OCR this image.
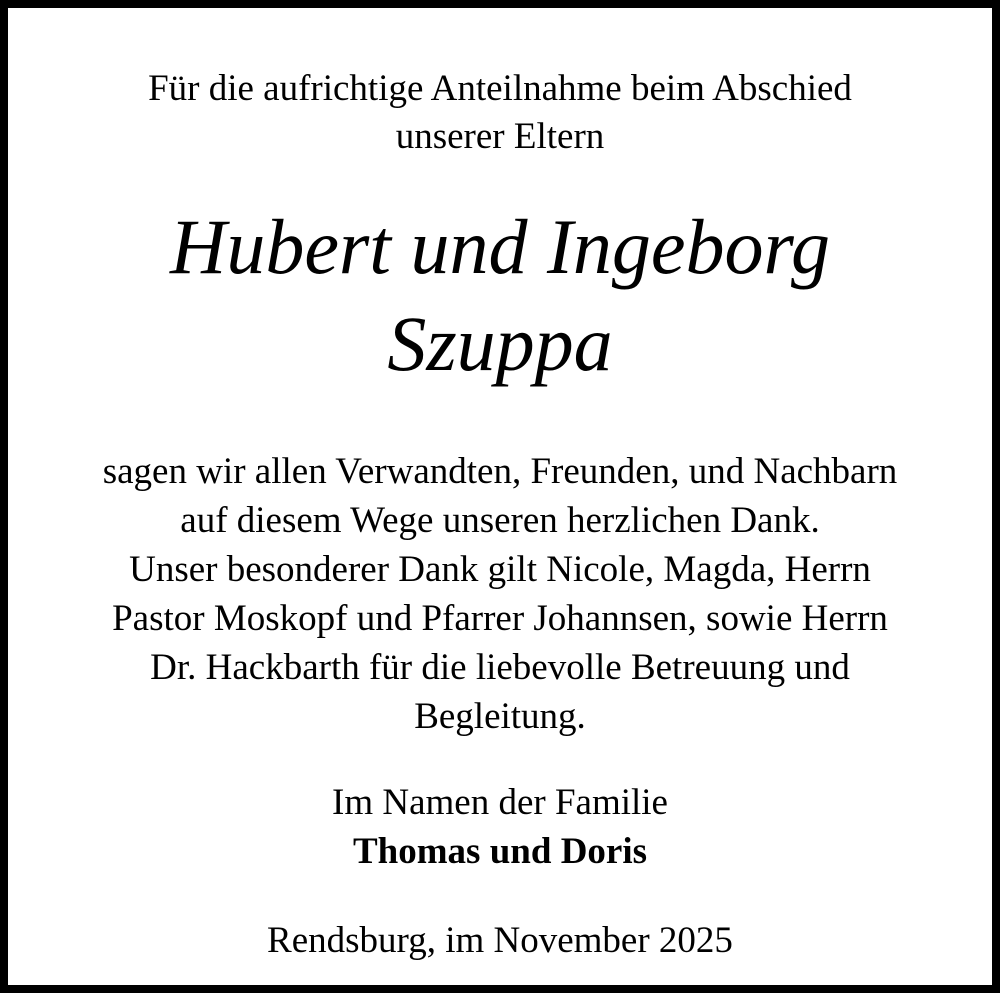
Für die aufrichtige Anteilnahme beim Abschied
unserer Eltern
Hubert und Ingeborg
Szuppa
sagen wir allen Verwandten, Freunden, und Nachbarn
auf diesem Wege unseren herzlichen Dank.
Unser besonderer Dank gilt Nicole, Magda, Herrn
Pastor Moskopf und Pfarrer Johannsen, sowie Herrn
Dr. Hackbarth für die liebevolle Betreuung und
Begleitung.
Im Namen der Familie
Thomas und Doris
Rendsburg, im November 2025
